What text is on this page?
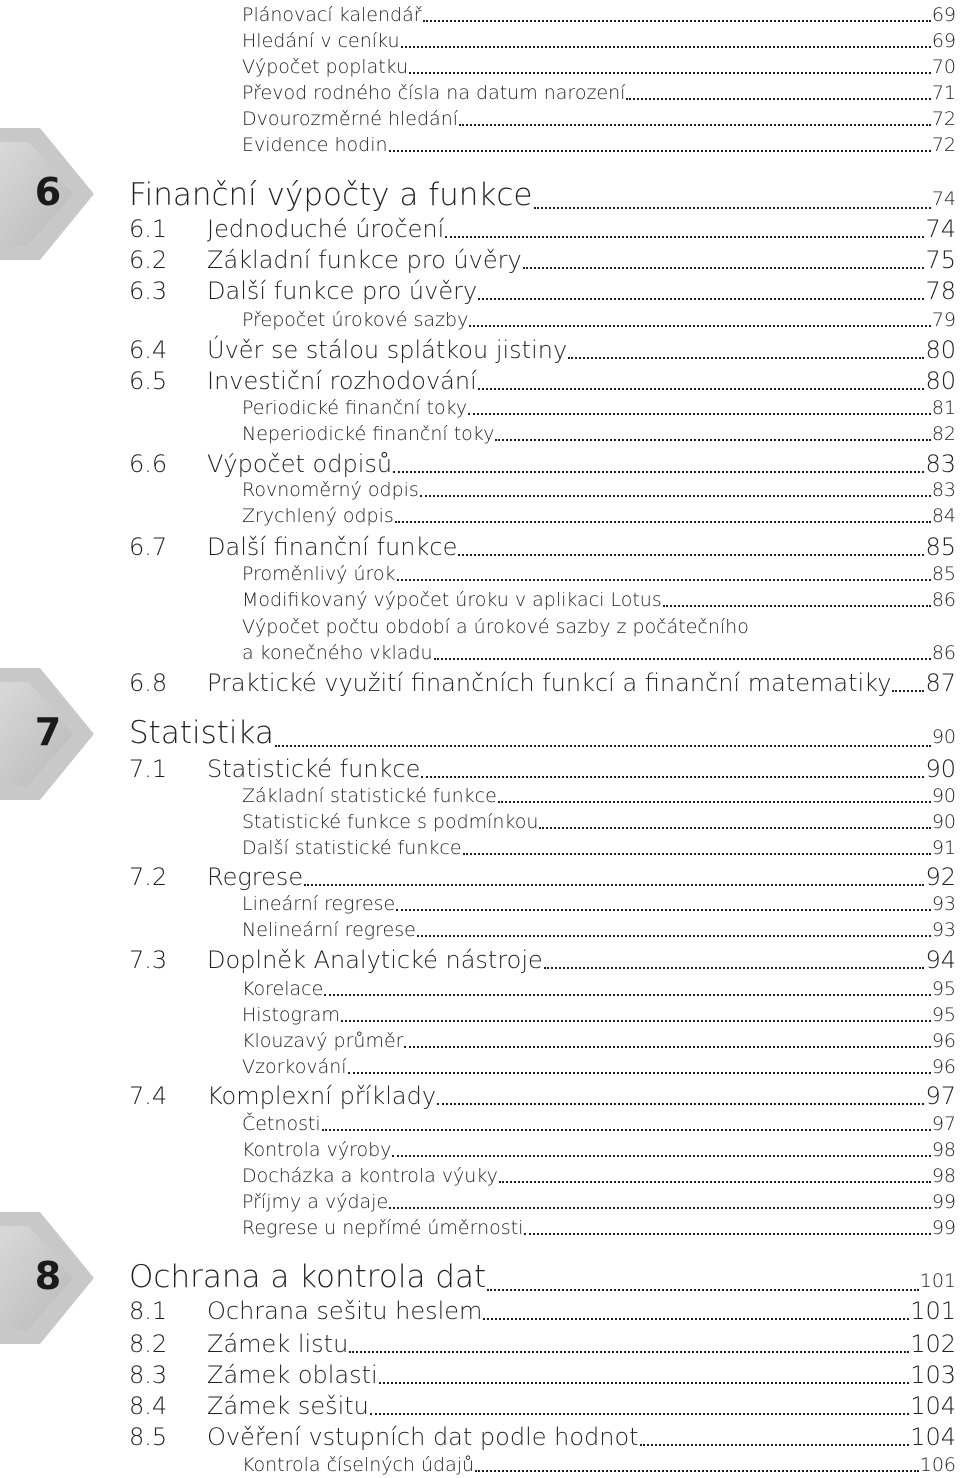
Plánovací kalendář	69
Hledání v ceníku	69
Výpočet poplatku	70
Převod rodného čísla na datum narození	71
Dvourozměrné hledání	72
Evidence hodin	72
Finanční výpočty a funkce	74
6.1	Jednoduché úročení	74
6.2	Základní funkce pro úvěry	75
6.3	Další funkce pro úvěry	78
Přepočet úrokové sazby	79
6.4	Úvěr se stálou splátkou jistiny	80
6.5	Investiční rozhodování	80
Periodické finanční toky	81
Neperiodické finanční toky	82
6.6	Výpočet odpisů	83
Rovnoměrný odpis	83
Zrychlený odpis	84
6.7	Další finanční funkce	85
Proměnlivý úrok	85
Modifikovaný výpočet úroku v aplikaci Lotus	86
Výpočet počtu období a úrokové sazby z počátečního
a konečného vkladu	86
6.8	Praktické využití finančních funkcí a finanční matematiky 87
Statistika	90
7.1	Statistické funkce	90
Základní statistické funkce	90
Statistické funkce s podmínkou	90
Další statistické funkce	91
7.2	Regrese	92
Lineární regrese	93
Nelineární regrese	93
7.3	Doplněk Analytické nástroje	94
Korelace	95
Histogram	95
Klouzavý průměr	96
Vzorkování	96
7.4	Komplexní příklady	97
Četnosti	97
Kontrola výroby	98
Docházka a kontrola výuky	98
Příjmy a výdaje	99
Regrese u nepřímé úměrnosti	99
Ochrana a kontrola dat	101
8.1	Ochrana sešitu heslem	101
8.2	Zámek listu	102
8.3	Zámek oblasti	103
8.4	Zámek sešitu	104
8.5	Ověření vstupních dat podle hodnot	104
Kontrola číselných údajů	106
6
7
8
